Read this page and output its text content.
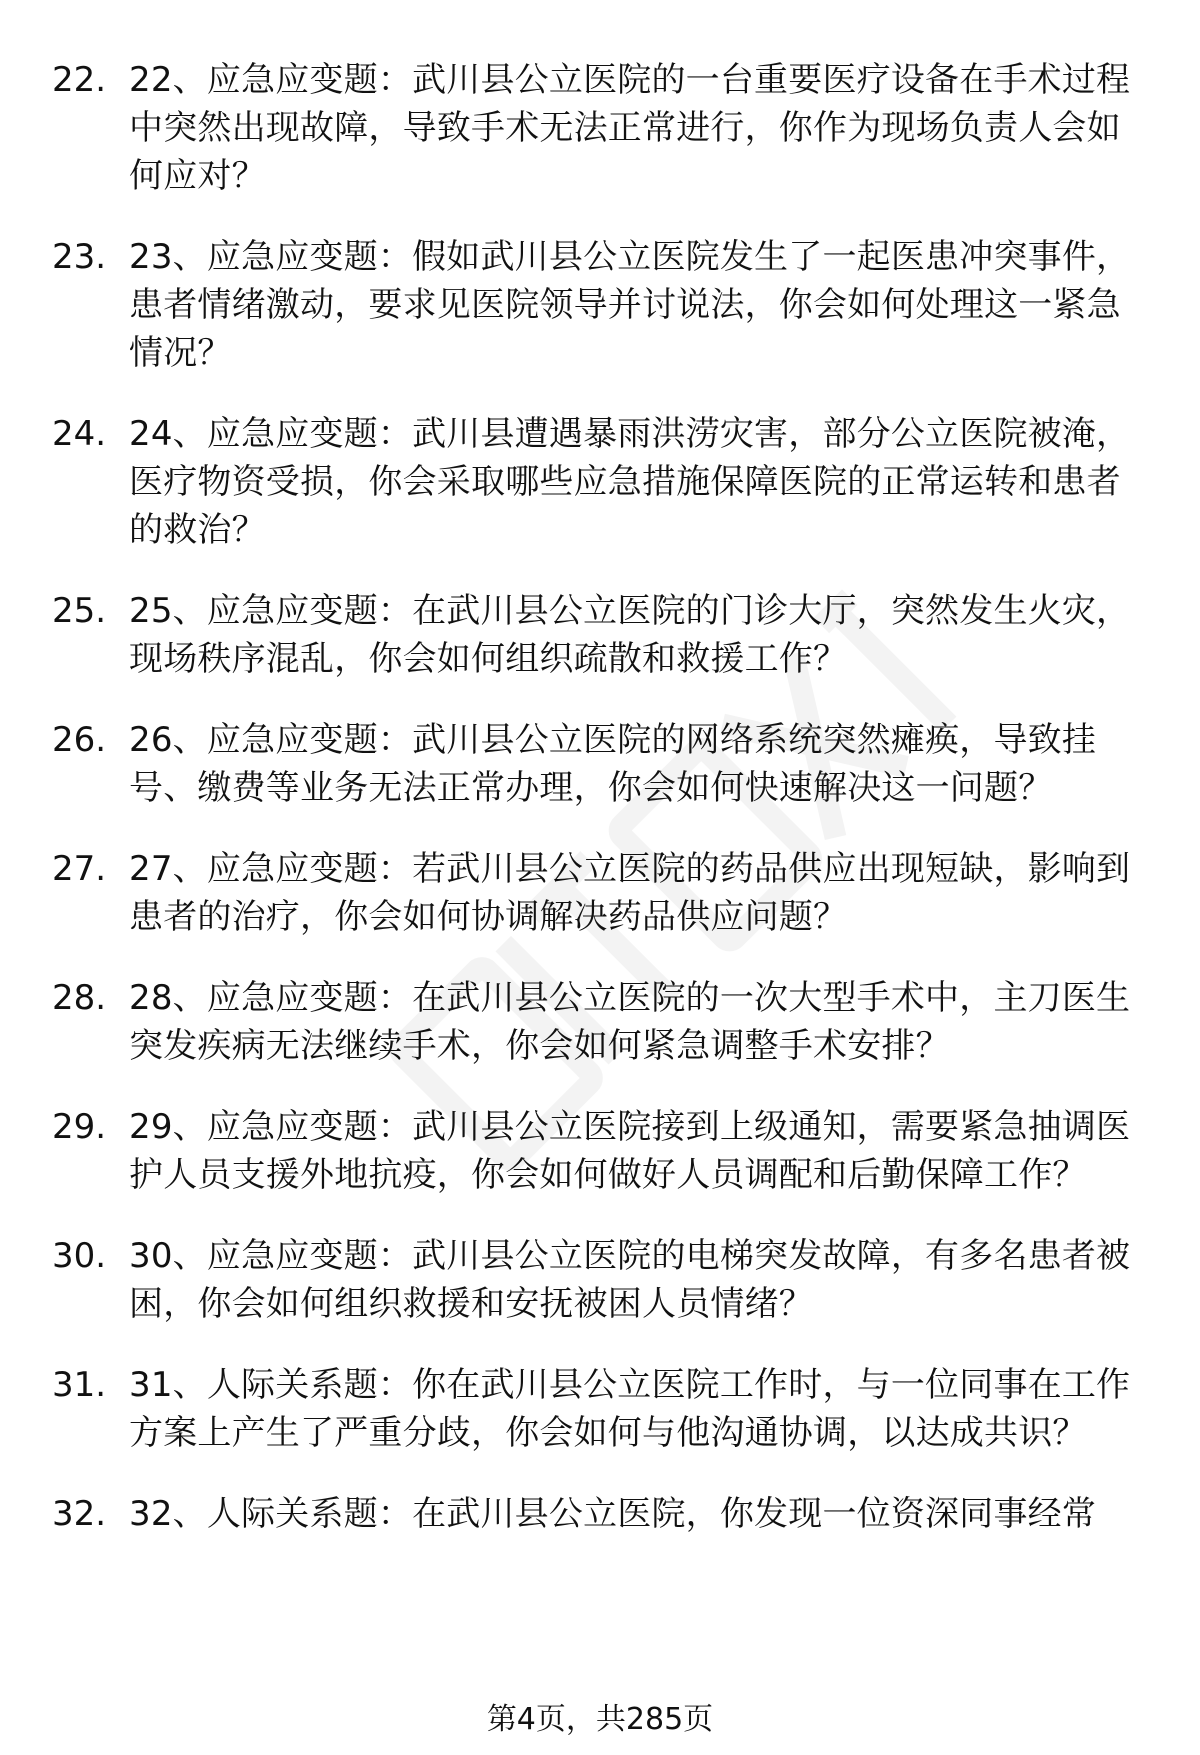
22. 22、应急应变题：武川县公立医院的一台重要医疗设备在手术过程中突然出现故障，导致手术无法正常进行，你作为现场负责人会如何应对？
23. 23、应急应变题：假如武川县公立医院发生了一起医患冲突事件，患者情绪激动，要求见医院领导并讨说法，你会如何处理这一紧急情况？
24. 24、应急应变题：武川县遭遇暴雨洪涝灾害，部分公立医院被淹，医疗物资受损，你会采取哪些应急措施保障医院的正常运转和患者的救治？
25. 25、应急应变题：在武川县公立医院的门诊大厅，突然发生火灾，现场秩序混乱，你会如何组织疏散和救援工作？
26. 26、应急应变题：武川县公立医院的网络系统突然瘫痪，导致挂号、缴费等业务无法正常办理，你会如何快速解决这一问题？
27. 27、应急应变题：若武川县公立医院的药品供应出现短缺，影响到患者的治疗，你会如何协调解决药品供应问题？
28. 28、应急应变题：在武川县公立医院的一次大型手术中，主刀医生突发疾病无法继续手术，你会如何紧急调整手术安排？
29. 29、应急应变题：武川县公立医院接到上级通知，需要紧急抽调医护人员支援外地抗疫，你会如何做好人员调配和后勤保障工作？
30. 30、应急应变题：武川县公立医院的电梯突发故障，有多名患者被困，你会如何组织救援和安抚被困人员情绪？
31. 31、人际关系题：你在武川县公立医院工作时，与一位同事在工作方案上产生了严重分歧，你会如何与他沟通协调，以达成共识？
32. 32、人际关系题：在武川县公立医院，你发现一位资深同事经常
第4页，共285页
